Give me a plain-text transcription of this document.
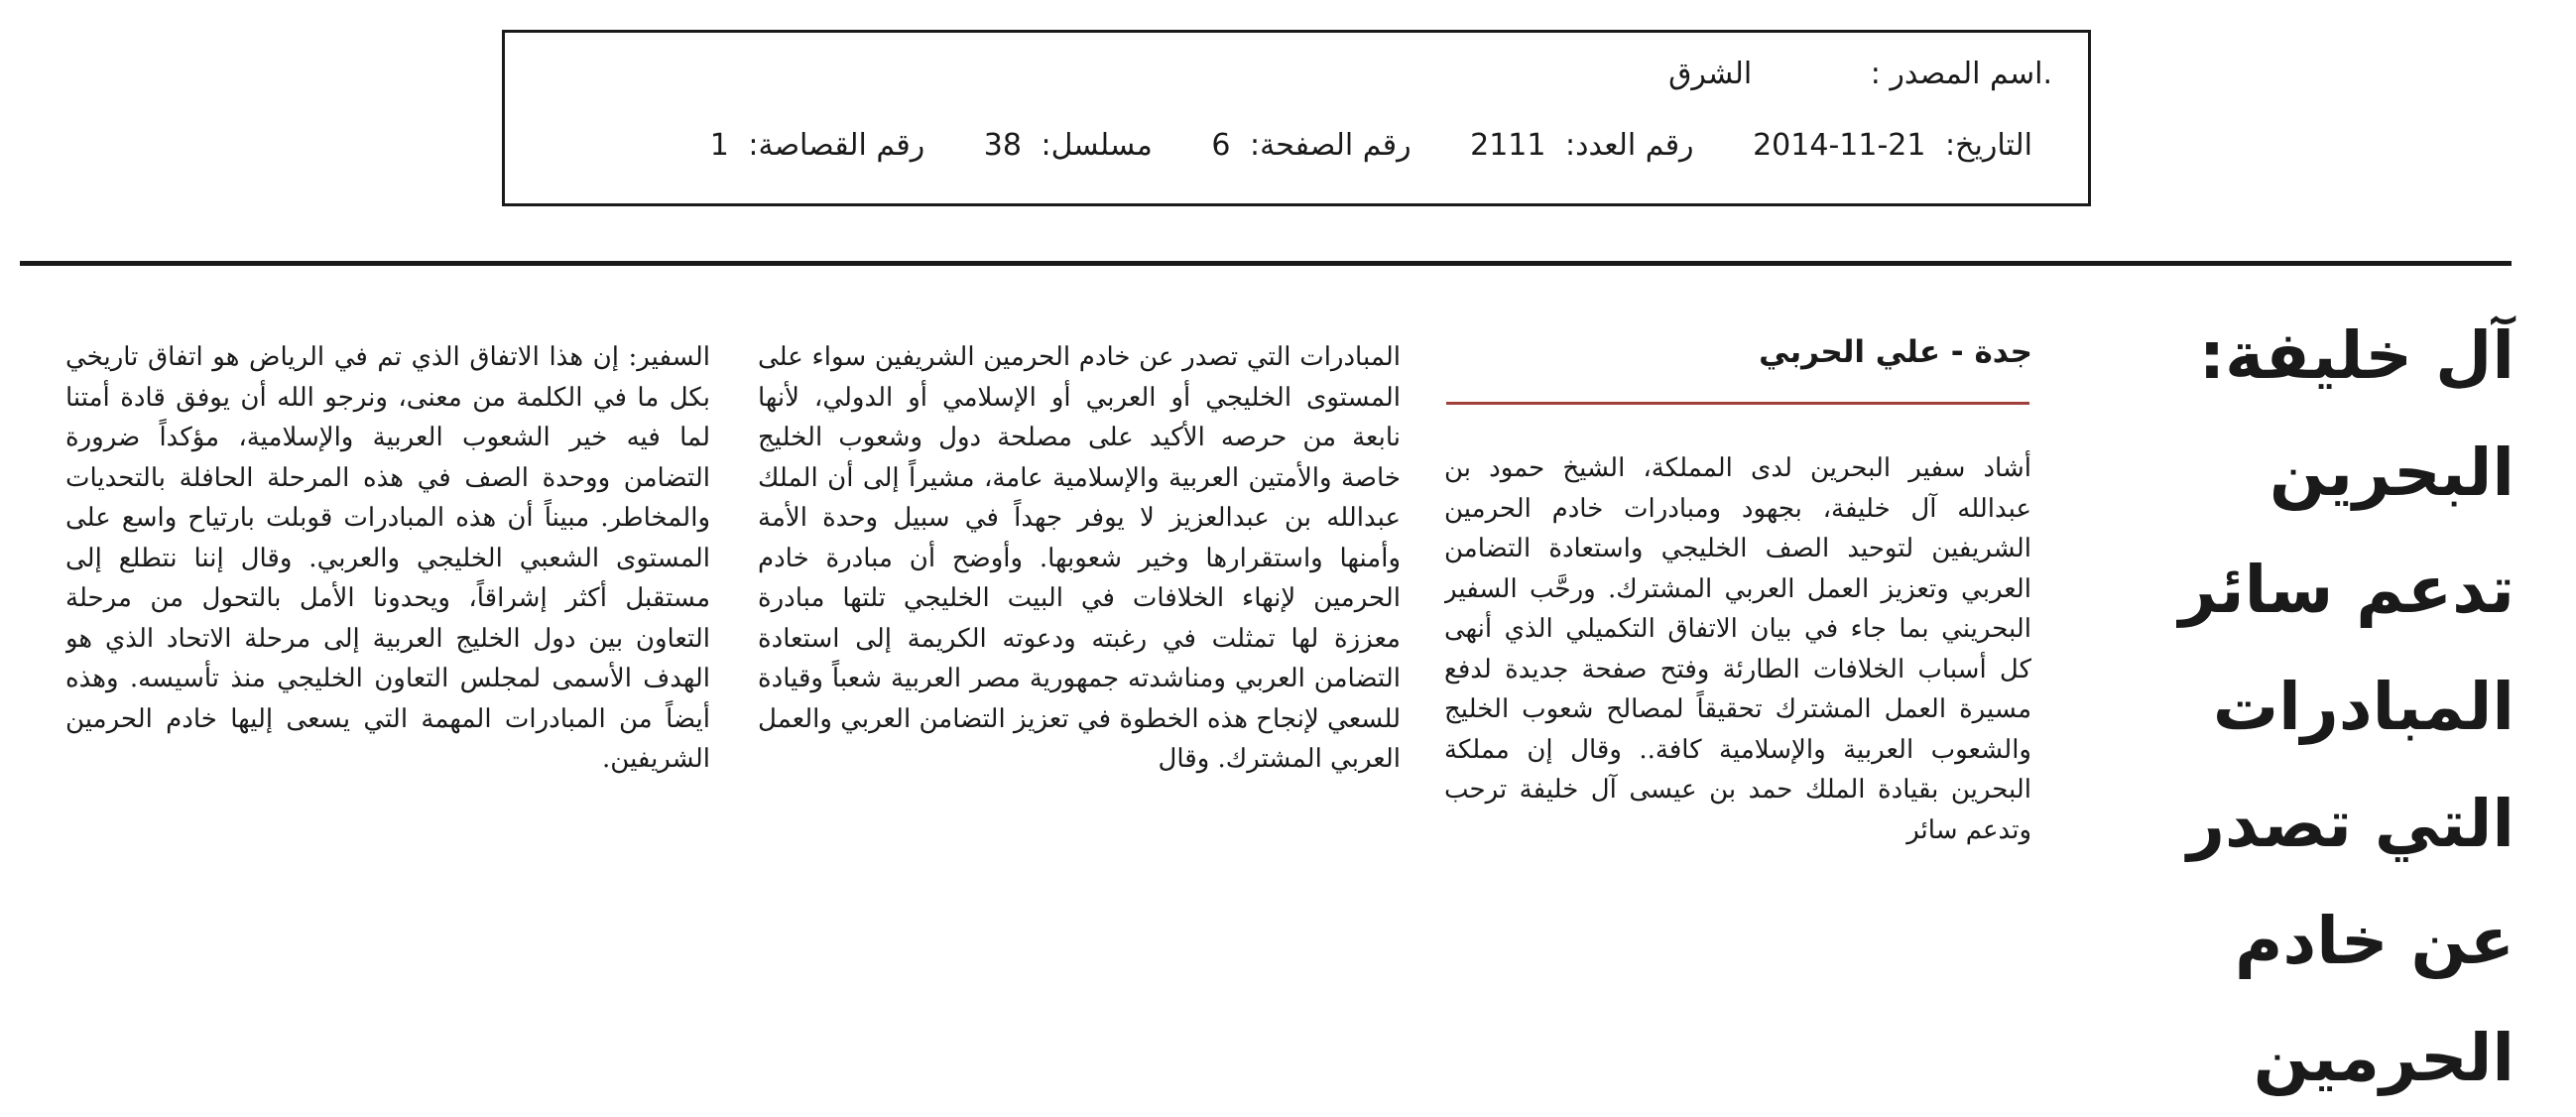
.اسم المصدر : الشرق
التاريخ: 21-11-2014 رقم العدد: 2111 رقم الصفحة: 6 مسلسل: 38 رقم القصاصة: 1
آل خليفة: البحرين تدعم سائر المبادرات التي تصدر عن خادم الحرمين
جدة - علي الحربي

أشاد سفير البحرين لدى المملكة، الشيخ حمود بن عبدالله آل خليفة، بجهود ومبادرات خادم الحرمين الشريفين لتوحيد الصف الخليجي واستعادة التضامن العربي وتعزيز العمل العربي المشترك. ورحَّب السفير البحريني بما جاء في بيان الاتفاق التكميلي الذي أنهى كل أسباب الخلافات الطارئة وفتح صفحة جديدة لدفع مسيرة العمل المشترك تحقيقاً لمصالح شعوب الخليج والشعوب العربية والإسلامية كافة.. وقال إن مملكة البحرين بقيادة الملك حمد بن عيسى آل خليفة ترحب وتدعم سائر

المبادرات التي تصدر عن خادم الحرمين الشريفين سواء على المستوى الخليجي أو العربي أو الإسلامي أو الدولي، لأنها نابعة من حرصه الأكيد على مصلحة دول وشعوب الخليج خاصة والأمتين العربية والإسلامية عامة، مشيراً إلى أن الملك عبدالله بن عبدالعزيز لا يوفر جهداً في سبيل وحدة الأمة وأمنها واستقرارها وخير شعوبها. وأوضح أن مبادرة خادم الحرمين لإنهاء الخلافات في البيت الخليجي تلتها مبادرة معززة لها تمثلت في رغبته ودعوته الكريمة إلى استعادة التضامن العربي ومناشدته جمهورية مصر العربية شعباً وقيادة للسعي لإنجاح هذه الخطوة في تعزيز التضامن العربي والعمل العربي المشترك. وقال

السفير: إن هذا الاتفاق الذي تم في الرياض هو اتفاق تاريخي بكل ما في الكلمة من معنى، ونرجو الله أن يوفق قادة أمتنا لما فيه خير الشعوب العربية والإسلامية، مؤكداً ضرورة التضامن ووحدة الصف في هذه المرحلة الحافلة بالتحديات والمخاطر. مبيناً أن هذه المبادرات قوبلت بارتياح واسع على المستوى الشعبي الخليجي والعربي. وقال إننا نتطلع إلى مستقبل أكثر إشراقاً، ويحدونا الأمل بالتحول من مرحلة التعاون بين دول الخليج العربية إلى مرحلة الاتحاد الذي هو الهدف الأسمى لمجلس التعاون الخليجي منذ تأسيسه. وهذه أيضاً من المبادرات المهمة التي يسعى إليها خادم الحرمين الشريفين.
